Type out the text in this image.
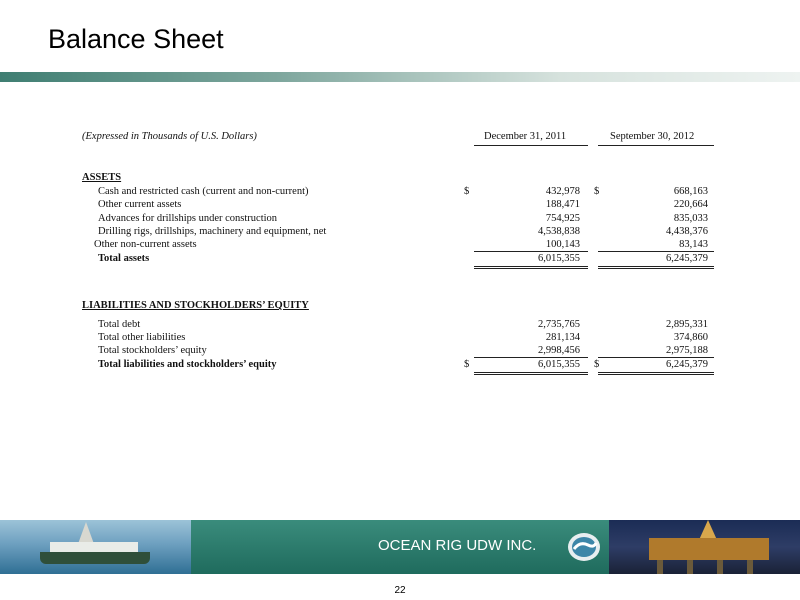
Balance Sheet
(Expressed in Thousands of U.S. Dollars)	December 31, 2011	September 30, 2012
ASSETS
Cash and restricted cash (current and non-current)	$	432,978 $	668,163
Other current assets	188,471	220,664
Advances for drillships under construction	754,925	835,033
Drilling rigs, drillships, machinery and equipment, net	4,538,838	4,438,376
Other non-current assets	100,143	83,143
Total assets	6,015,355	6,245,379
LIABILITIES AND STOCKHOLDERS’ EQUITY
Total debt	2,735,765	2,895,331
Total other liabilities	281,134	374,860
Total stockholders’ equity	2,998,456	2,975,188
Total liabilities and stockholders’ equity	$	6,015,355 $	6,245,379
OCEAN RIG UDW INC.
22
